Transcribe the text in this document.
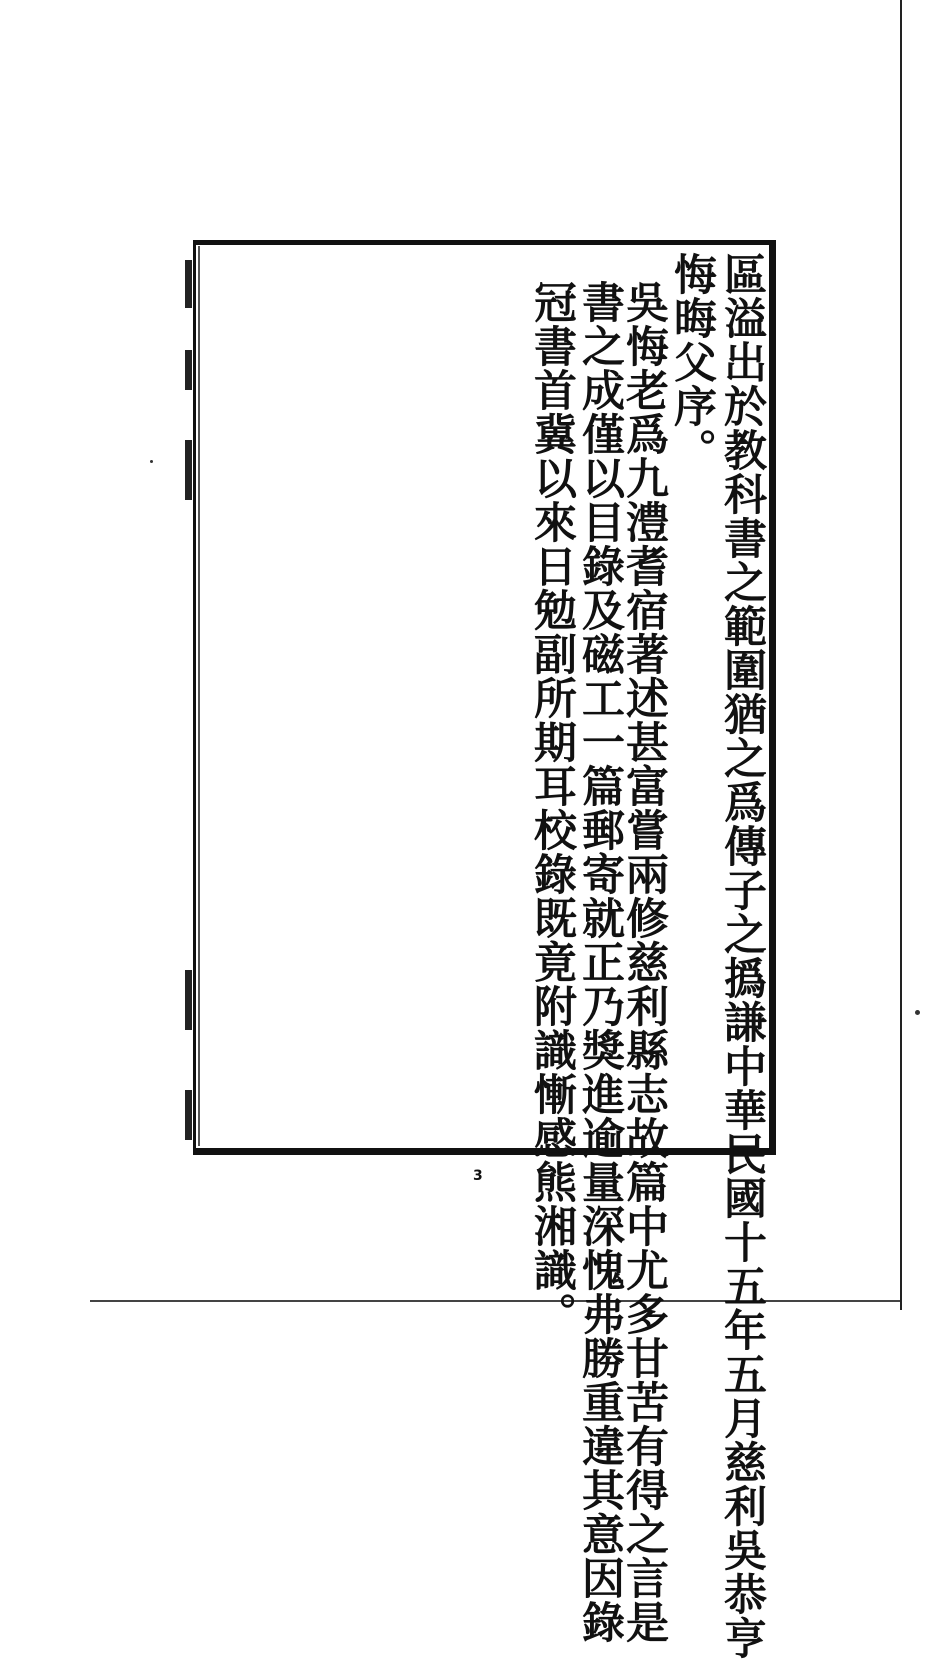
區溢出於教科書之範圍猶之爲傳子之撝謙中華民國十五年五月慈利吳恭亨
悔晦父序。
吳悔老爲九澧耆宿著述甚富嘗兩修慈利縣志故篇中尤多甘苦有得之言是
書之成僅以目錄及磁工一篇郵寄就正乃獎進逾量深愧弗勝重違其意因錄
冠書首冀以來日勉副所期耳校錄既竟附識慚感熊湘識。
3
